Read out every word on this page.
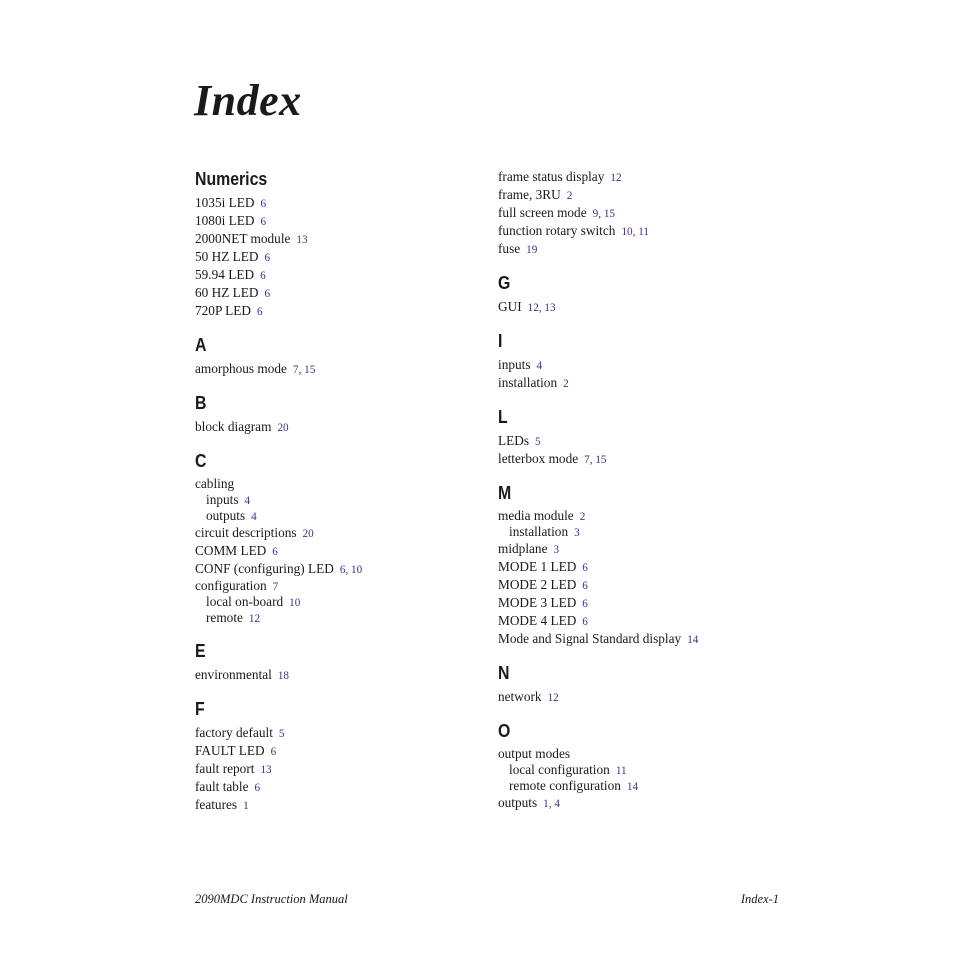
Index
Numerics
1035i LED 6
1080i LED 6
2000NET module 13
50 HZ LED 6
59.94 LED 6
60 HZ LED 6
720P LED 6
A
amorphous mode 7, 15
B
block diagram 20
C
cabling
inputs 4
outputs 4
circuit descriptions 20
COMM LED 6
CONF (configuring) LED 6, 10
configuration 7
local on-board 10
remote 12
E
environmental 18
F
factory default 5
FAULT LED 6
fault report 13
fault table 6
features 1
frame status display 12
frame, 3RU 2
full screen mode 9, 15
function rotary switch 10, 11
fuse 19
G
GUI 12, 13
I
inputs 4
installation 2
L
LEDs 5
letterbox mode 7, 15
M
media module 2
installation 3
midplane 3
MODE 1 LED 6
MODE 2 LED 6
MODE 3 LED 6
MODE 4 LED 6
Mode and Signal Standard display 14
N
network 12
O
output modes
local configuration 11
remote configuration 14
outputs 1, 4
2090MDC Instruction Manual	Index-1
